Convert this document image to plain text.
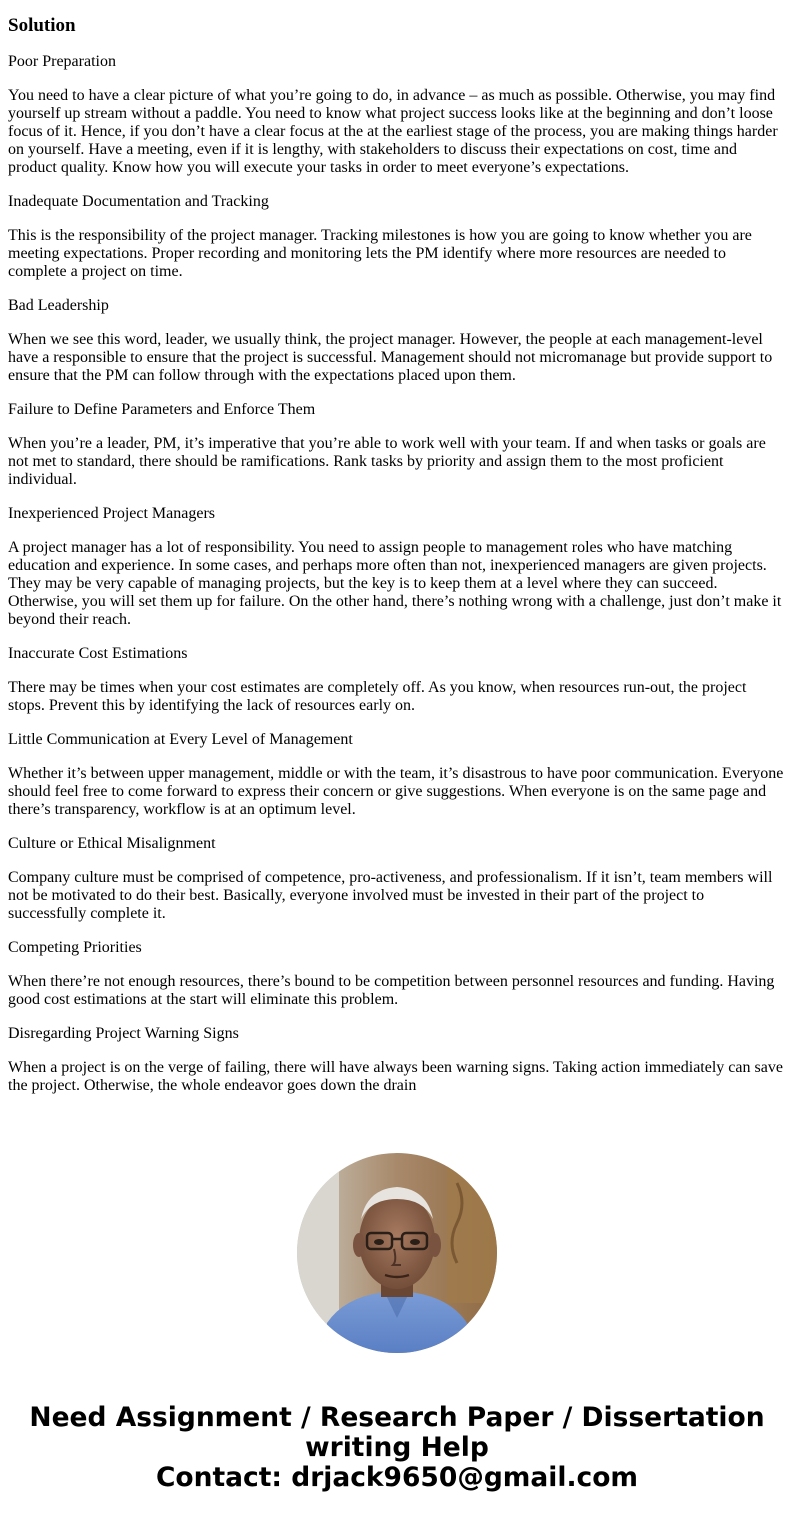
Solution

Poor Preparation

You need to have a clear picture of what you’re going to do, in advance – as much as possible. Otherwise, you may find yourself up stream without a paddle. You need to know what project success looks like at the beginning and don’t loose focus of it. Hence, if you don’t have a clear focus at the at the earliest stage of the process, you are making things harder on yourself. Have a meeting, even if it is lengthy, with stakeholders to discuss their expectations on cost, time and product quality. Know how you will execute your tasks in order to meet everyone’s expectations.

Inadequate Documentation and Tracking

This is the responsibility of the project manager. Tracking milestones is how you are going to know whether you are meeting expectations. Proper recording and monitoring lets the PM identify where more resources are needed to complete a project on time.

Bad Leadership

When we see this word, leader, we usually think, the project manager. However, the people at each management-level have a responsible to ensure that the project is successful. Management should not micromanage but provide support to ensure that the PM can follow through with the expectations placed upon them.

Failure to Define Parameters and Enforce Them

When you’re a leader, PM, it’s imperative that you’re able to work well with your team. If and when tasks or goals are not met to standard, there should be ramifications. Rank tasks by priority and assign them to the most proficient individual.

Inexperienced Project Managers

A project manager has a lot of responsibility. You need to assign people to management roles who have matching education and experience. In some cases, and perhaps more often than not, inexperienced managers are given projects. They may be very capable of managing projects, but the key is to keep them at a level where they can succeed. Otherwise, you will set them up for failure. On the other hand, there’s nothing wrong with a challenge, just don’t make it beyond their reach.

Inaccurate Cost Estimations

There may be times when your cost estimates are completely off. As you know, when resources run-out, the project stops. Prevent this by identifying the lack of resources early on.

Little Communication at Every Level of Management

Whether it’s between upper management, middle or with the team, it’s disastrous to have poor communication. Everyone should feel free to come forward to express their concern or give suggestions. When everyone is on the same page and there’s transparency, workflow is at an optimum level.

Culture or Ethical Misalignment

Company culture must be comprised of competence, pro-activeness, and professionalism. If it isn’t, team members will not be motivated to do their best. Basically, everyone involved must be invested in their part of the project to successfully complete it.

Competing Priorities

When there’re not enough resources, there’s bound to be competition between personnel resources and funding. Having good cost estimations at the start will eliminate this problem.

Disregarding Project Warning Signs

When a project is on the verge of failing, there will have always been warning signs. Taking action immediately can save the project. Otherwise, the whole endeavor goes down the drain

Need Assignment / Research Paper / Dissertation writing Help
Contact: drjack9650@gmail.com
